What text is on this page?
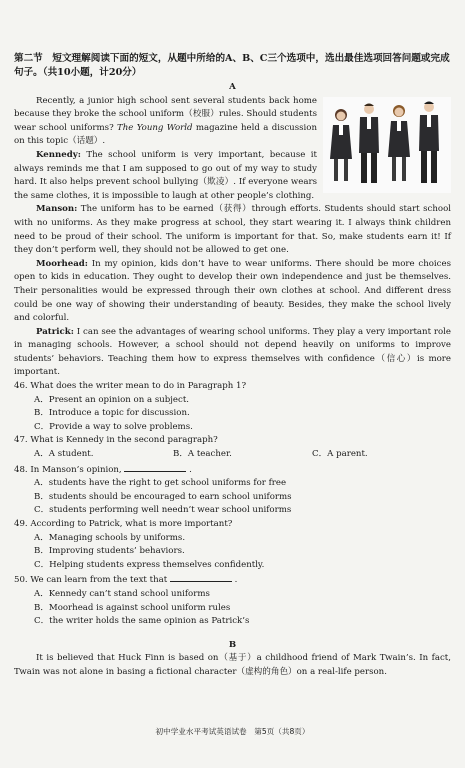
第二节　短文理解阅读下面的短文，从题中所给的A、B、C三个选项中，选出最佳选项回答问题或完成句子。（共10小题，计20分）
A

Recently, a junior high school sent several students back home because they broke the school uniform（校服）rules. Should students wear school uniforms? The Young World magazine held a discussion on this topic（话题）.

Kennedy: The school uniform is very important, because it always reminds me that I am supposed to go out of my way to study hard. It also helps prevent school bullying（欺凌）. If everyone wears the same clothes, it is impossible to laugh at other people’s clothing.

Manson: The uniform has to be earned（获得）through efforts. Students should start school with no uniforms. As they make progress at school, they start wearing it. I always think children need to be proud of their school. The uniform is important for that. So, make students earn it! If they don’t perform well, they should not be allowed to get one.

Moorhead: In my opinion, kids don’t have to wear uniforms. There should be more choices open to kids in education. They ought to develop their own independence and just be themselves. Their personalities would be expressed through their own clothes at school. And different dress could be one way of showing their understanding of beauty. Besides, they make the school lively and colorful.

Patrick: I can see the advantages of wearing school uniforms. They play a very important role in managing schools. However, a school should not depend heavily on uniforms to improve students’ behaviors. Teaching them how to express themselves with confidence（信心）is more important.

46. What does the writer mean to do in Paragraph 1?
A．Present an opinion on a subject.
B．Introduce a topic for discussion.
C．Provide a way to solve problems.
47. What is Kennedy in the second paragraph?
A．A student.	B．A teacher.	C．A parent.
48. In Manson’s opinion,	.
A．students have the right to get school uniforms for free
B．students should be encouraged to earn school uniforms
C．students performing well needn’t wear school uniforms
49. According to Patrick, what is more important?
A．Managing schools by uniforms.
B．Improving students’ behaviors.
C．Helping students express themselves confidently.
50. We can learn from the text that	.
A．Kennedy can’t stand school uniforms
B．Moorhead is against school uniform rules
C．the writer holds the same opinion as Patrick’s
B

It is believed that Huck Finn is based on（基于）a childhood friend of Mark Twain’s. In fact, Twain was not alone in basing a fictional character（虚构的角色）on a real-life person.

初中学业水平考试英语试卷　第5页（共8页）
